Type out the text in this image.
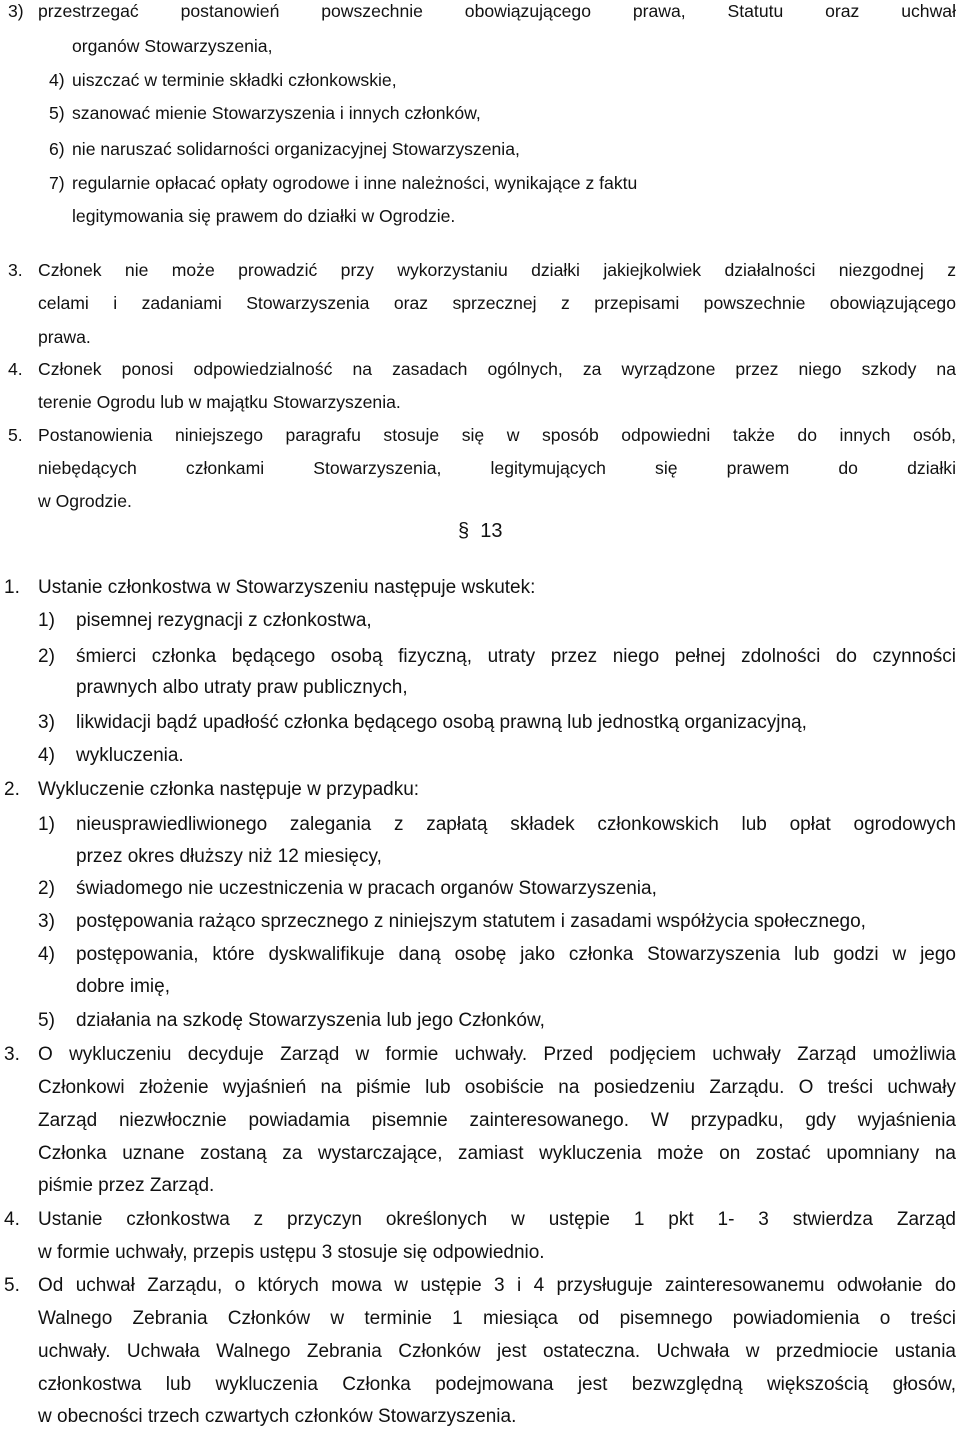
3) przestrzegać postanowień powszechnie obowiązującego prawa, Statutu oraz uchwał
organów Stowarzyszenia,
4) uiszczać w terminie składki członkowskie,
5) szanować mienie Stowarzyszenia i innych członków,
6) nie naruszać solidarności organizacyjnej Stowarzyszenia,
7) regularnie opłacać opłaty ogrodowe i inne należności, wynikające z faktu
legitymowania się prawem do działki w Ogrodzie.
3. Członek nie może prowadzić przy wykorzystaniu działki jakiejkolwiek działalności niezgodnej z
celami i zadaniami Stowarzyszenia oraz sprzecznej z przepisami powszechnie obowiązującego
prawa.
4. Członek ponosi odpowiedzialność na zasadach ogólnych, za wyrządzone przez niego szkody na
terenie Ogrodu lub w majątku Stowarzyszenia.
5. Postanowienia niniejszego paragrafu stosuje się w sposób odpowiedni także do innych osób,
niebędących członkami Stowarzyszenia, legitymujących się prawem do działki
w Ogrodzie.
§ 13
1. Ustanie członkostwa w Stowarzyszeniu następuje wskutek:
1) pisemnej rezygnacji z członkostwa,
2) śmierci członka będącego osobą fizyczną, utraty przez niego pełnej zdolności do czynności
prawnych albo utraty praw publicznych,
3) likwidacji bądź upadłość członka będącego osobą prawną lub jednostką organizacyjną,
4) wykluczenia.
2. Wykluczenie członka następuje w przypadku:
1) nieusprawiedliwionego zalegania z zapłatą składek członkowskich lub opłat ogrodowych
przez okres dłuższy niż 12 miesięcy,
2) świadomego nie uczestniczenia w pracach organów Stowarzyszenia,
3) postępowania rażąco sprzecznego z niniejszym statutem i zasadami współżycia społecznego,
4) postępowania, które dyskwalifikuje daną osobę jako członka Stowarzyszenia lub godzi w jego
dobre imię,
5) działania na szkodę Stowarzyszenia lub jego Członków,
3. O wykluczeniu decyduje Zarząd w formie uchwały. Przed podjęciem uchwały Zarząd umożliwia
Członkowi złożenie wyjaśnień na piśmie lub osobiście na posiedzeniu Zarządu. O treści uchwały
Zarząd niezwłocznie powiadamia pisemnie zainteresowanego. W przypadku, gdy wyjaśnienia
Członka uznane zostaną za wystarczające, zamiast wykluczenia może on zostać upomniany na
piśmie przez Zarząd.
4. Ustanie członkostwa z przyczyn określonych w ustępie 1 pkt 1- 3 stwierdza Zarząd
w formie uchwały, przepis ustępu 3 stosuje się odpowiednio.
5. Od uchwał Zarządu, o których mowa w ustępie 3 i 4 przysługuje zainteresowanemu odwołanie do
Walnego Zebrania Członków w terminie 1 miesiąca od pisemnego powiadomienia o treści
uchwały. Uchwała Walnego Zebrania Członków jest ostateczna. Uchwała w przedmiocie ustania
członkostwa lub wykluczenia Członka podejmowana jest bezwzględną większością głosów,
w obecności trzech czwartych członków Stowarzyszenia.
